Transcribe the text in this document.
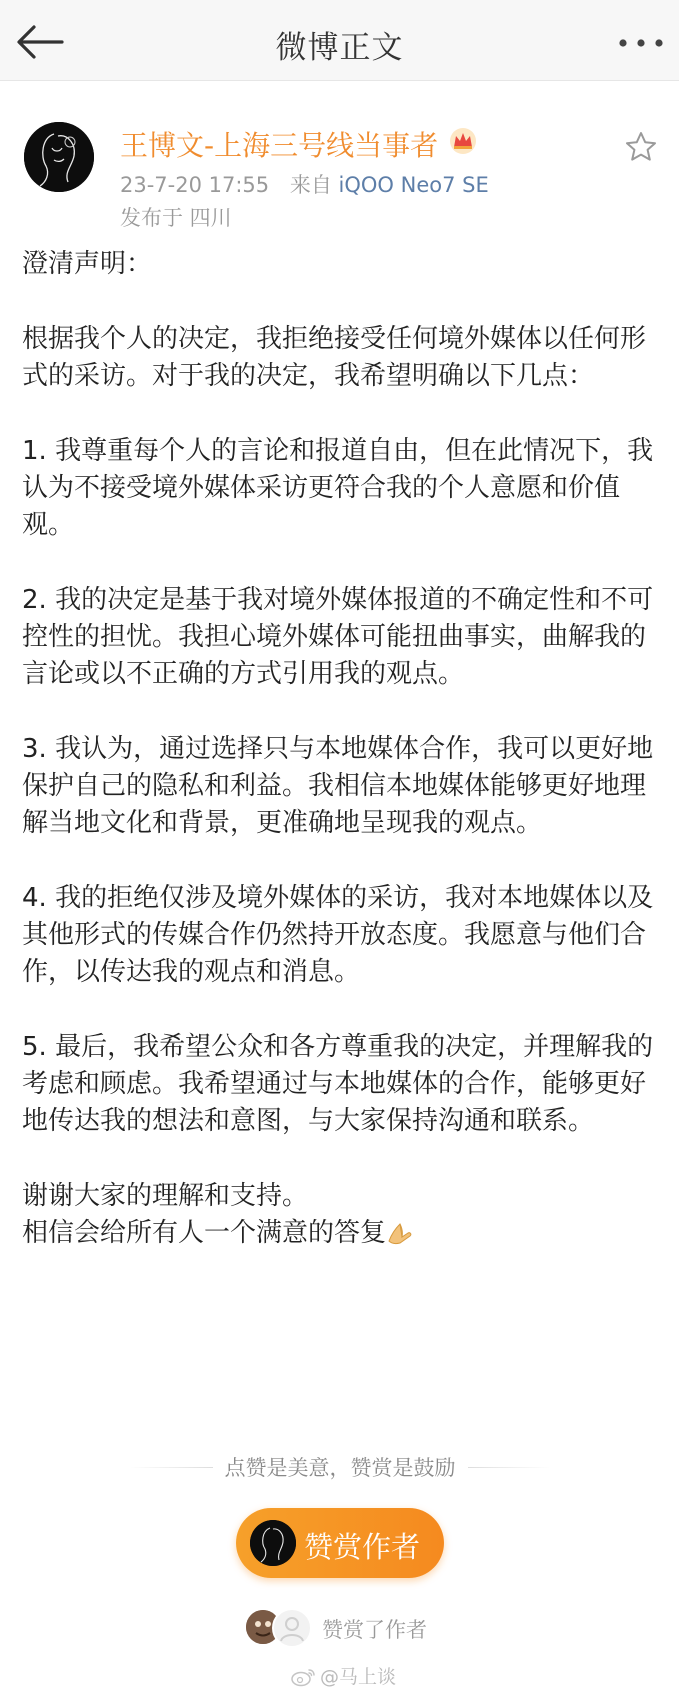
微博正文
王博文-上海三号线当事者
23-7-20 17:55 来自 iQOO Neo7 SE
发布于 四川

澄清声明：

根据我个人的决定，我拒绝接受任何境外媒体以任何形式的采访。对于我的决定，我希望明确以下几点：

1. 我尊重每个人的言论和报道自由，但在此情况下，我认为不接受境外媒体采访更符合我的个人意愿和价值观。

2. 我的决定是基于我对境外媒体报道的不确定性和不可控性的担忧。我担心境外媒体可能扭曲事实，曲解我的言论或以不正确的方式引用我的观点。

3. 我认为，通过选择只与本地媒体合作，我可以更好地保护自己的隐私和利益。我相信本地媒体能够更好地理解当地文化和背景，更准确地呈现我的观点。

4. 我的拒绝仅涉及境外媒体的采访，我对本地媒体以及其他形式的传媒合作仍然持开放态度。我愿意与他们合作，以传达我的观点和消息。

5. 最后，我希望公众和各方尊重我的决定，并理解我的考虑和顾虑。我希望通过与本地媒体的合作，能够更好地传达我的想法和意图，与大家保持沟通和联系。

谢谢大家的理解和支持。
相信会给所有人一个满意的答复

点赞是美意，赞赏是鼓励
赞赏作者
赞赏了作者
@马上谈
